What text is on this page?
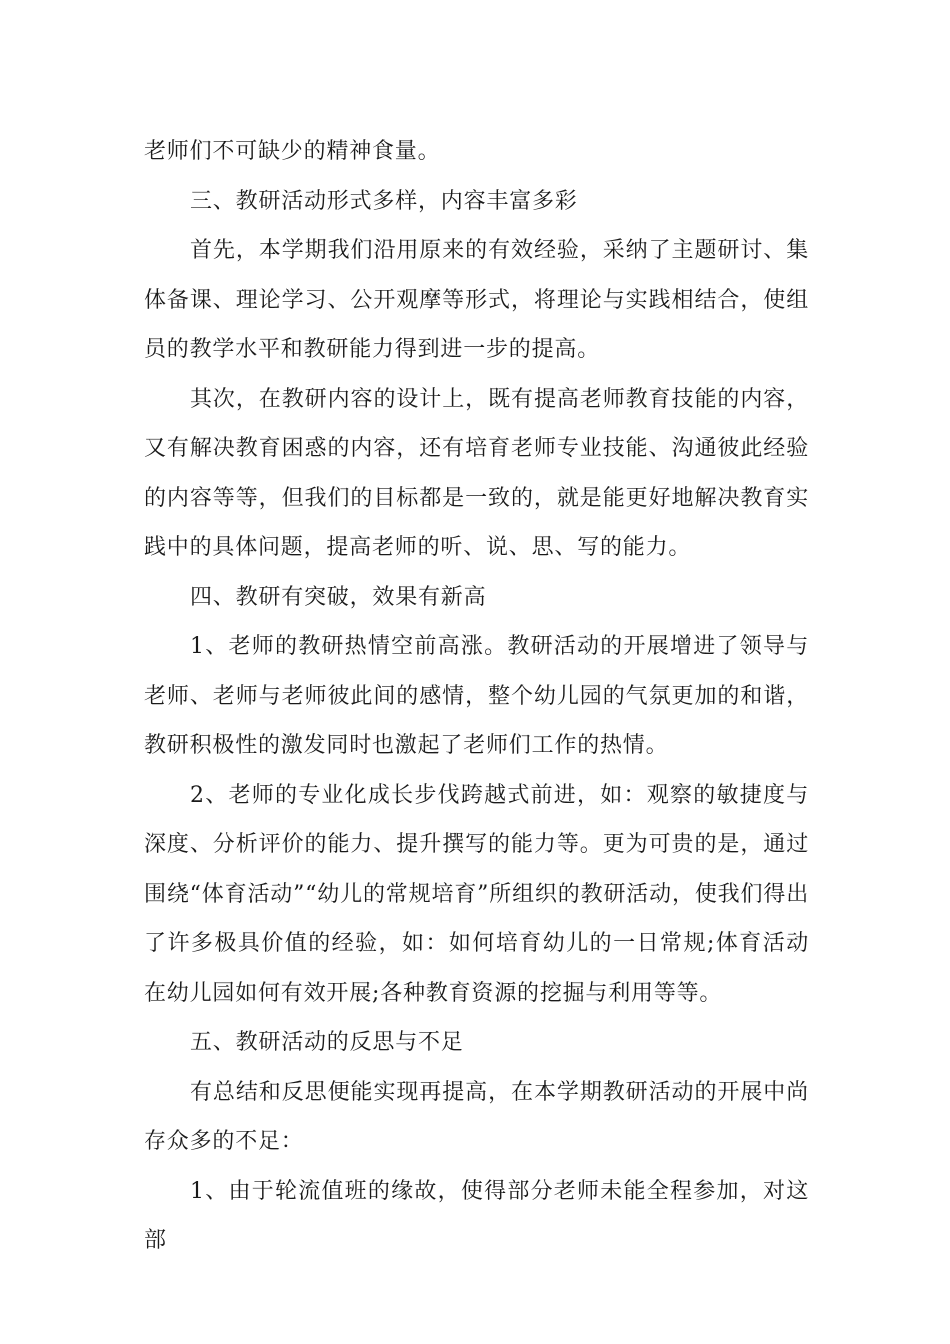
老师们不可缺少的精神食量。

三、教研活动形式多样，内容丰富多彩

首先，本学期我们沿用原来的有效经验，采纳了主题研讨、集体备课、理论学习、公开观摩等形式，将理论与实践相结合，使组员的教学水平和教研能力得到进一步的提高。

其次，在教研内容的设计上，既有提高老师教育技能的内容，又有解决教育困惑的内容，还有培育老师专业技能、沟通彼此经验的内容等等，但我们的目标都是一致的，就是能更好地解决教育实践中的具体问题，提高老师的听、说、思、写的能力。

四、教研有突破，效果有新高

1、老师的教研热情空前高涨。教研活动的开展增进了领导与老师、老师与老师彼此间的感情，整个幼儿园的气氛更加的和谐，教研积极性的激发同时也激起了老师们工作的热情。

2、老师的专业化成长步伐跨越式前进，如：观察的敏捷度与深度、分析评价的能力、提升撰写的能力等。更为可贵的是，通过围绕“体育活动”“幼儿的常规培育”所组织的教研活动，使我们得出了许多极具价值的经验，如：如何培育幼儿的一日常规;体育活动在幼儿园如何有效开展;各种教育资源的挖掘与利用等等。

五、教研活动的反思与不足

有总结和反思便能实现再提高，在本学期教研活动的开展中尚存众多的不足：

1、由于轮流值班的缘故，使得部分老师未能全程参加，对这部
